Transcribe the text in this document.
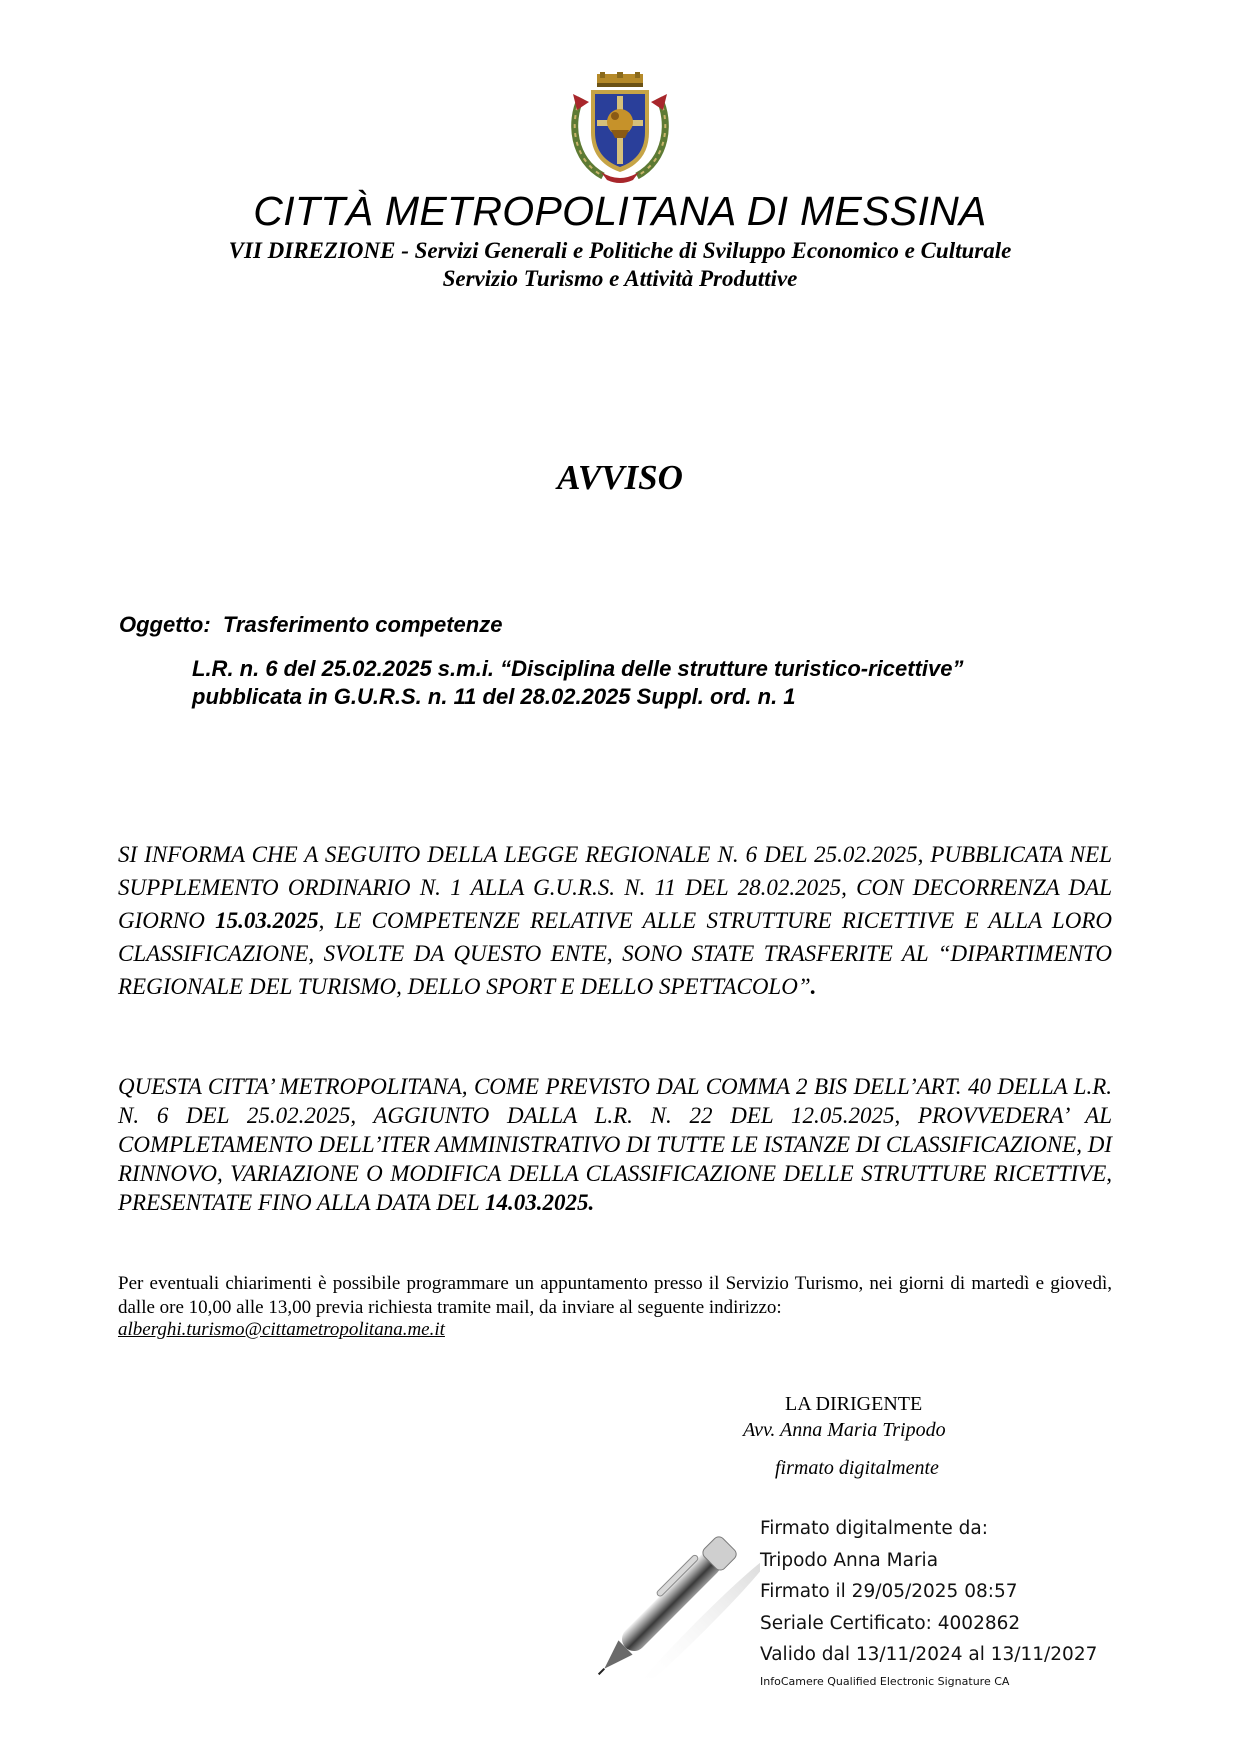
CITTÀ METROPOLITANA DI MESSINA
VII DIREZIONE - Servizi Generali e Politiche di Sviluppo Economico e Culturale
Servizio Turismo e Attività Produttive
AVVISO
Oggetto:  Trasferimento competenze
L.R. n. 6 del 25.02.2025 s.m.i. “Disciplina delle strutture turistico-ricettive”
pubblicata in G.U.R.S. n. 11 del 28.02.2025 Suppl. ord. n. 1
SI INFORMA CHE A SEGUITO DELLA LEGGE REGIONALE N. 6 DEL 25.02.2025, PUBBLICATA NEL SUPPLEMENTO ORDINARIO N. 1 ALLA G.U.R.S. N. 11 DEL 28.02.2025, CON DECORRENZA DAL GIORNO 15.03.2025, LE COMPETENZE RELATIVE ALLE STRUTTURE RICETTIVE E ALLA LORO CLASSIFICAZIONE, SVOLTE DA QUESTO ENTE, SONO STATE TRASFERITE AL “DIPARTIMENTO REGIONALE DEL TURISMO, DELLO SPORT E DELLO SPETTACOLO”.
QUESTA CITTA’ METROPOLITANA, COME PREVISTO DAL COMMA 2 BIS DELL’ART. 40 DELLA L.R. N. 6 DEL 25.02.2025, AGGIUNTO DALLA L.R. N. 22 DEL 12.05.2025, PROVVEDERA’ AL COMPLETAMENTO DELL’ITER AMMINISTRATIVO DI TUTTE LE ISTANZE DI CLASSIFICAZIONE, DI RINNOVO, VARIAZIONE O MODIFICA DELLA CLASSIFICAZIONE DELLE STRUTTURE RICETTIVE, PRESENTATE FINO ALLA DATA DEL 14.03.2025.
Per eventuali chiarimenti è possibile programmare un appuntamento presso il Servizio Turismo, nei giorni di martedì e giovedì, dalle ore 10,00 alle 13,00 previa richiesta tramite mail, da inviare al seguente indirizzo:
alberghi.turismo@cittametropolitana.me.it
LA DIRIGENTE
Avv. Anna Maria Tripodo
firmato digitalmente
Firmato digitalmente da:
Tripodo Anna Maria
Firmato il 29/05/2025 08:57
Seriale Certificato: 4002862
Valido dal 13/11/2024 al 13/11/2027
InfoCamere Qualified Electronic Signature CA
